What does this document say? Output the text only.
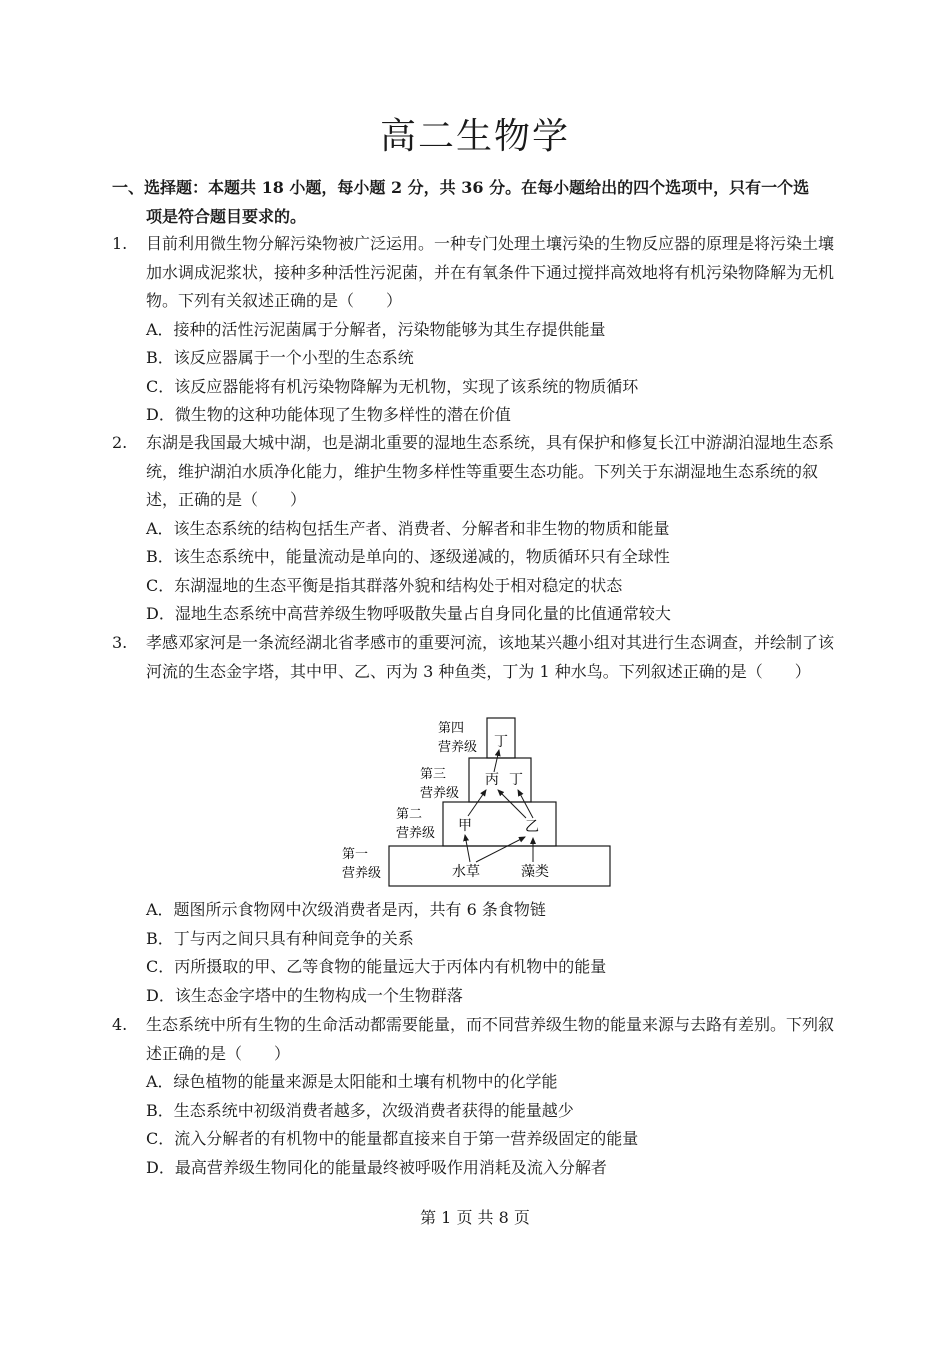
高二生物学
一、选择题：本题共 18 小题，每小题 2 分，共 36 分。在每小题给出的四个选项中，只有一个选
项是符合题目要求的。
1. 目前利用微生物分解污染物被广泛运用。一种专门处理土壤污染的生物反应器的原理是将污染土壤加水调成泥浆状，接种多种活性污泥菌，并在有氧条件下通过搅拌高效地将有机污染物降解为无机物。下列有关叙述正确的是（　　）
A．接种的活性污泥菌属于分解者，污染物能够为其生存提供能量
B．该反应器属于一个小型的生态系统
C．该反应器能将有机污染物降解为无机物，实现了该系统的物质循环
D．微生物的这种功能体现了生物多样性的潜在价值
2. 东湖是我国最大城中湖，也是湖北重要的湿地生态系统，具有保护和修复长江中游湖泊湿地生态系统，维护湖泊水质净化能力，维护生物多样性等重要生态功能。下列关于东湖湿地生态系统的叙述，正确的是（　　）
A．该生态系统的结构包括生产者、消费者、分解者和非生物的物质和能量
B．该生态系统中，能量流动是单向的、逐级递减的，物质循环只有全球性
C．东湖湿地的生态平衡是指其群落外貌和结构处于相对稳定的状态
D．湿地生态系统中高营养级生物呼吸散失量占自身同化量的比值通常较大
3. 孝感邓家河是一条流经湖北省孝感市的重要河流，该地某兴趣小组对其进行生态调查，并绘制了该河流的生态金字塔，其中甲、乙、丙为 3 种鱼类，丁为 1 种水鸟。下列叙述正确的是（　　）
第四
营养级
第三
营养级
第二
营养级
第一
营养级
丁
丙 丁
甲	乙
水草	藻类
A．题图所示食物网中次级消费者是丙，共有 6 条食物链
B．丁与丙之间只具有种间竞争的关系
C．丙所摄取的甲、乙等食物的能量远大于丙体内有机物中的能量
D．该生态金字塔中的生物构成一个生物群落
4. 生态系统中所有生物的生命活动都需要能量，而不同营养级生物的能量来源与去路有差别。下列叙述正确的是（　　）
A．绿色植物的能量来源是太阳能和土壤有机物中的化学能
B．生态系统中初级消费者越多，次级消费者获得的能量越少
C．流入分解者的有机物中的能量都直接来自于第一营养级固定的能量
D．最高营养级生物同化的能量最终被呼吸作用消耗及流入分解者
第 1 页 共 8 页
